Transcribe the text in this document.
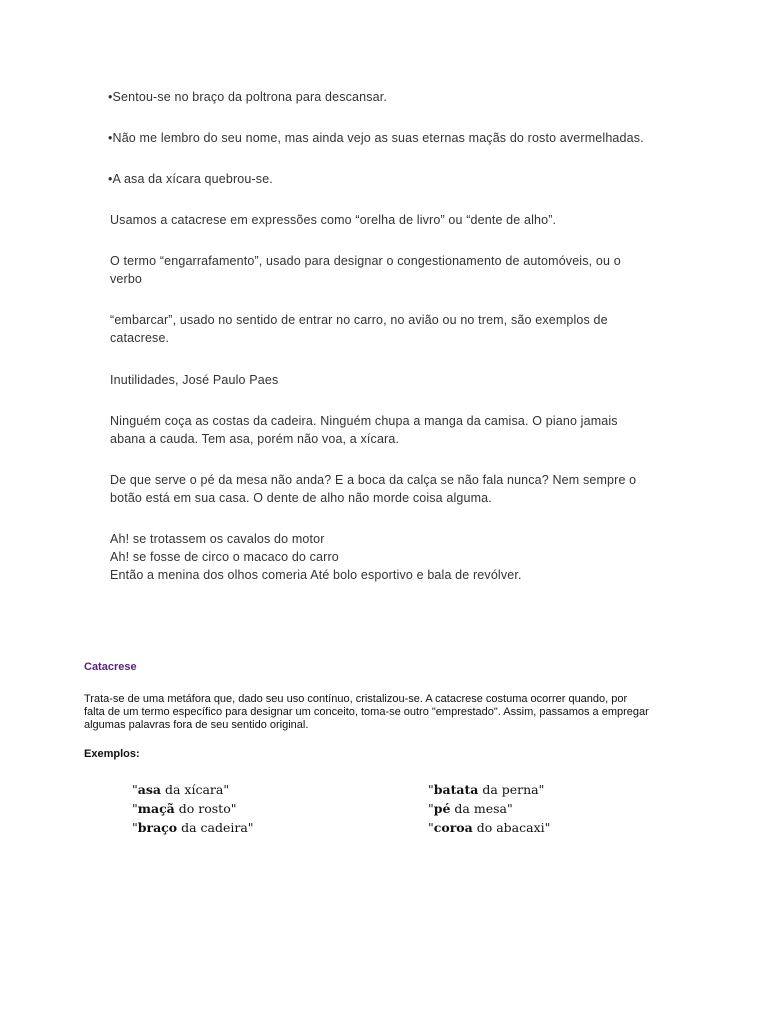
•Sentou-se no braço da poltrona para descansar.

•Não me lembro do seu nome, mas ainda vejo as suas eternas maçãs do rosto avermelhadas.

•A asa da xícara quebrou-se.

Usamos a catacrese em expressões como “orelha de livro” ou “dente de alho”.

O termo “engarrafamento”, usado para designar o congestionamento de automóveis, ou o
verbo

“embarcar”, usado no sentido de entrar no carro, no avião ou no trem, são exemplos de
catacrese.

Inutilidades, José Paulo Paes

Ninguém coça as costas da cadeira. Ninguém chupa a manga da camisa. O piano jamais
abana a cauda. Tem asa, porém não voa, a xícara.

De que serve o pé da mesa não anda? E a boca da calça se não fala nunca? Nem sempre o
botão está em sua casa. O dente de alho não morde coisa alguma.

Ah! se trotassem os cavalos do motor
Ah! se fosse de circo o macaco do carro
Então a menina dos olhos comeria Até bolo esportivo e bala de revólver.

Catacrese

Trata-se de uma metáfora que, dado seu uso contínuo, cristalizou-se. A catacrese costuma ocorrer quando, por
falta de um termo específico para designar um conceito, toma-se outro "emprestado". Assim, passamos a empregar
algumas palavras fora de seu sentido original.

Exemplos:

"asa da xícara"
"maçã do rosto"
"braço da cadeira"
"batata da perna"
"pé da mesa"
"coroa do abacaxi"
